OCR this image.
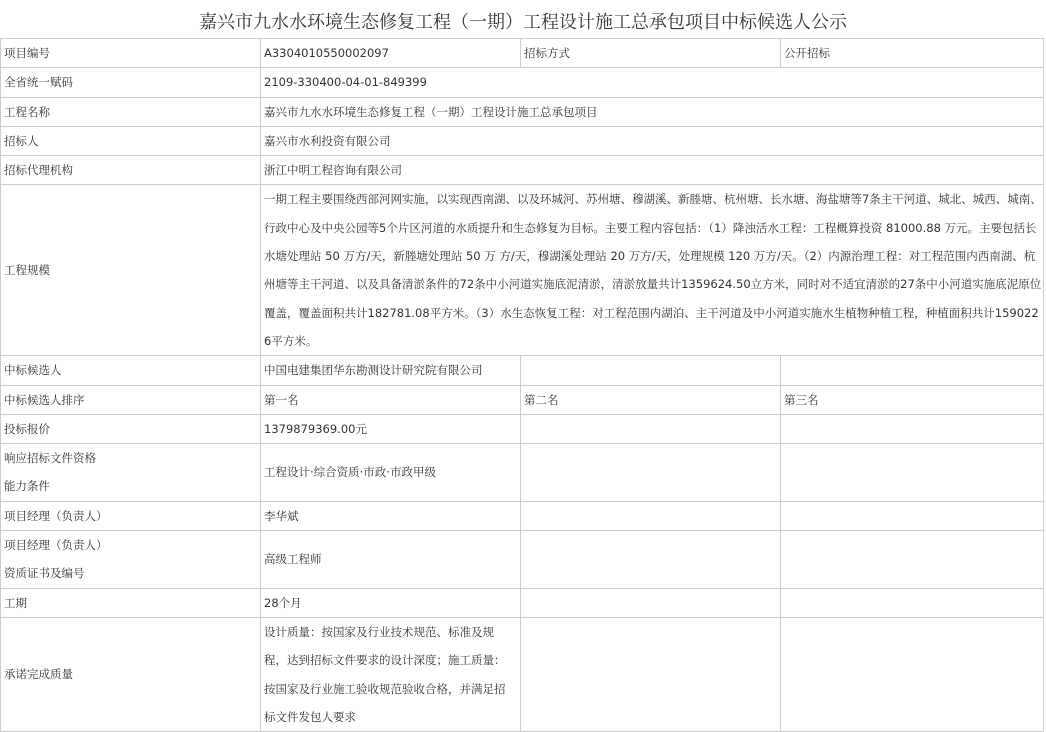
嘉兴市九水水环境生态修复工程（一期）工程设计施工总承包项目中标候选人公示
项目编号	A3304010550002097	招标方式	公开招标
全省统一赋码	2109-330400-04-01-849399		
工程名称	嘉兴市九水水环境生态修复工程（一期）工程设计施工总承包项目		
招标人	嘉兴市水利投资有限公司		
招标代理机构	浙江中明工程咨询有限公司		
工程规模	一期工程主要围绕西部河网实施，以实现西南湖、以及环城河、苏州塘、穆湖溪、新塍塘、杭州塘、长水塘、海盐塘等7条主干河道、城北、城西、城南、行政中心及中央公园等5个片区河道的水质提升和生态修复为目标。主要工程内容包括：（1）降浊活水工程：工程概算投资 81000.88 万元。主要包括长水塘处理站 50 万方/天，新塍塘处理站 50 万 方/天，穆湖溪处理站 20 万方/天，处理规模 120 万方/天。（2）内源治理工程：对工程范围内西南湖、杭州塘等主干河道、以及具备清淤条件的72条中小河道实施底泥清淤，清淤放量共计1359624.50立方米，同时对不适宜清淤的27条中小河道实施底泥原位覆盖，覆盖面积共计182781.08平方米。（3）水生态恢复工程：对工程范围内湖泊、主干河道及中小河道实施水生植物种植工程，种植面积共计1590226平方米。		
中标候选人	中国电建集团华东勘测设计研究院有限公司		
中标候选人排序	第一名	第二名	第三名
投标报价	1379879369.00元		

响应招标文件资格
能力条件	工程设计·综合资质·市政·市政甲级		
项目经理（负责人）	李华斌		

项目经理（负责人）
资质证书及编号	高级工程师		
工期	28个月		
承诺完成质量	设计质量：按国家及行业技术规范、标准及规
程，达到招标文件要求的设计深度；施工质量：
按国家及行业施工验收规范验收合格，并满足招
标文件发包人要求		
